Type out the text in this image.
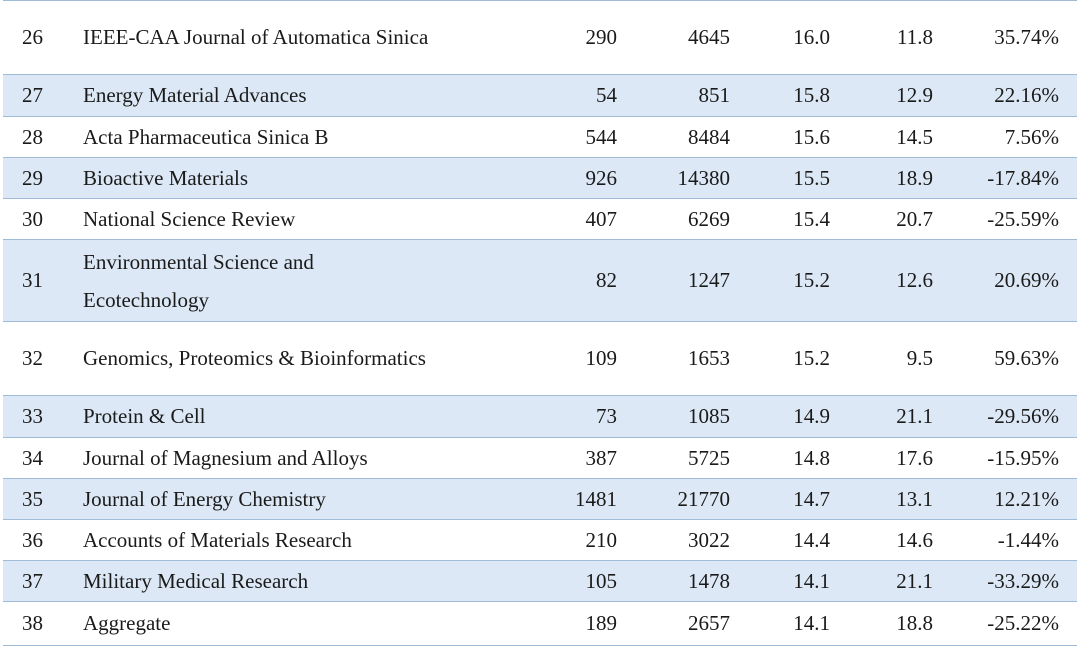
26	IEEE-CAA Journal of Automatica Sinica	290	4645	16.0	11.8	35.74%
27	Energy Material Advances	54	851	15.8	12.9	22.16%
28	Acta Pharmaceutica Sinica B	544	8484	15.6	14.5	7.56%
29	Bioactive Materials	926	14380	15.5	18.9	-17.84%
30	National Science Review	407	6269	15.4	20.7	-25.59%
31	Environmental Science and Ecotechnology	82	1247	15.2	12.6	20.69%
32	Genomics, Proteomics & Bioinformatics	109	1653	15.2	9.5	59.63%
33	Protein & Cell	73	1085	14.9	21.1	-29.56%
34	Journal of Magnesium and Alloys	387	5725	14.8	17.6	-15.95%
35	Journal of Energy Chemistry	1481	21770	14.7	13.1	12.21%
36	Accounts of Materials Research	210	3022	14.4	14.6	-1.44%
37	Military Medical Research	105	1478	14.1	21.1	-33.29%
38	Aggregate	189	2657	14.1	18.8	-25.22%
